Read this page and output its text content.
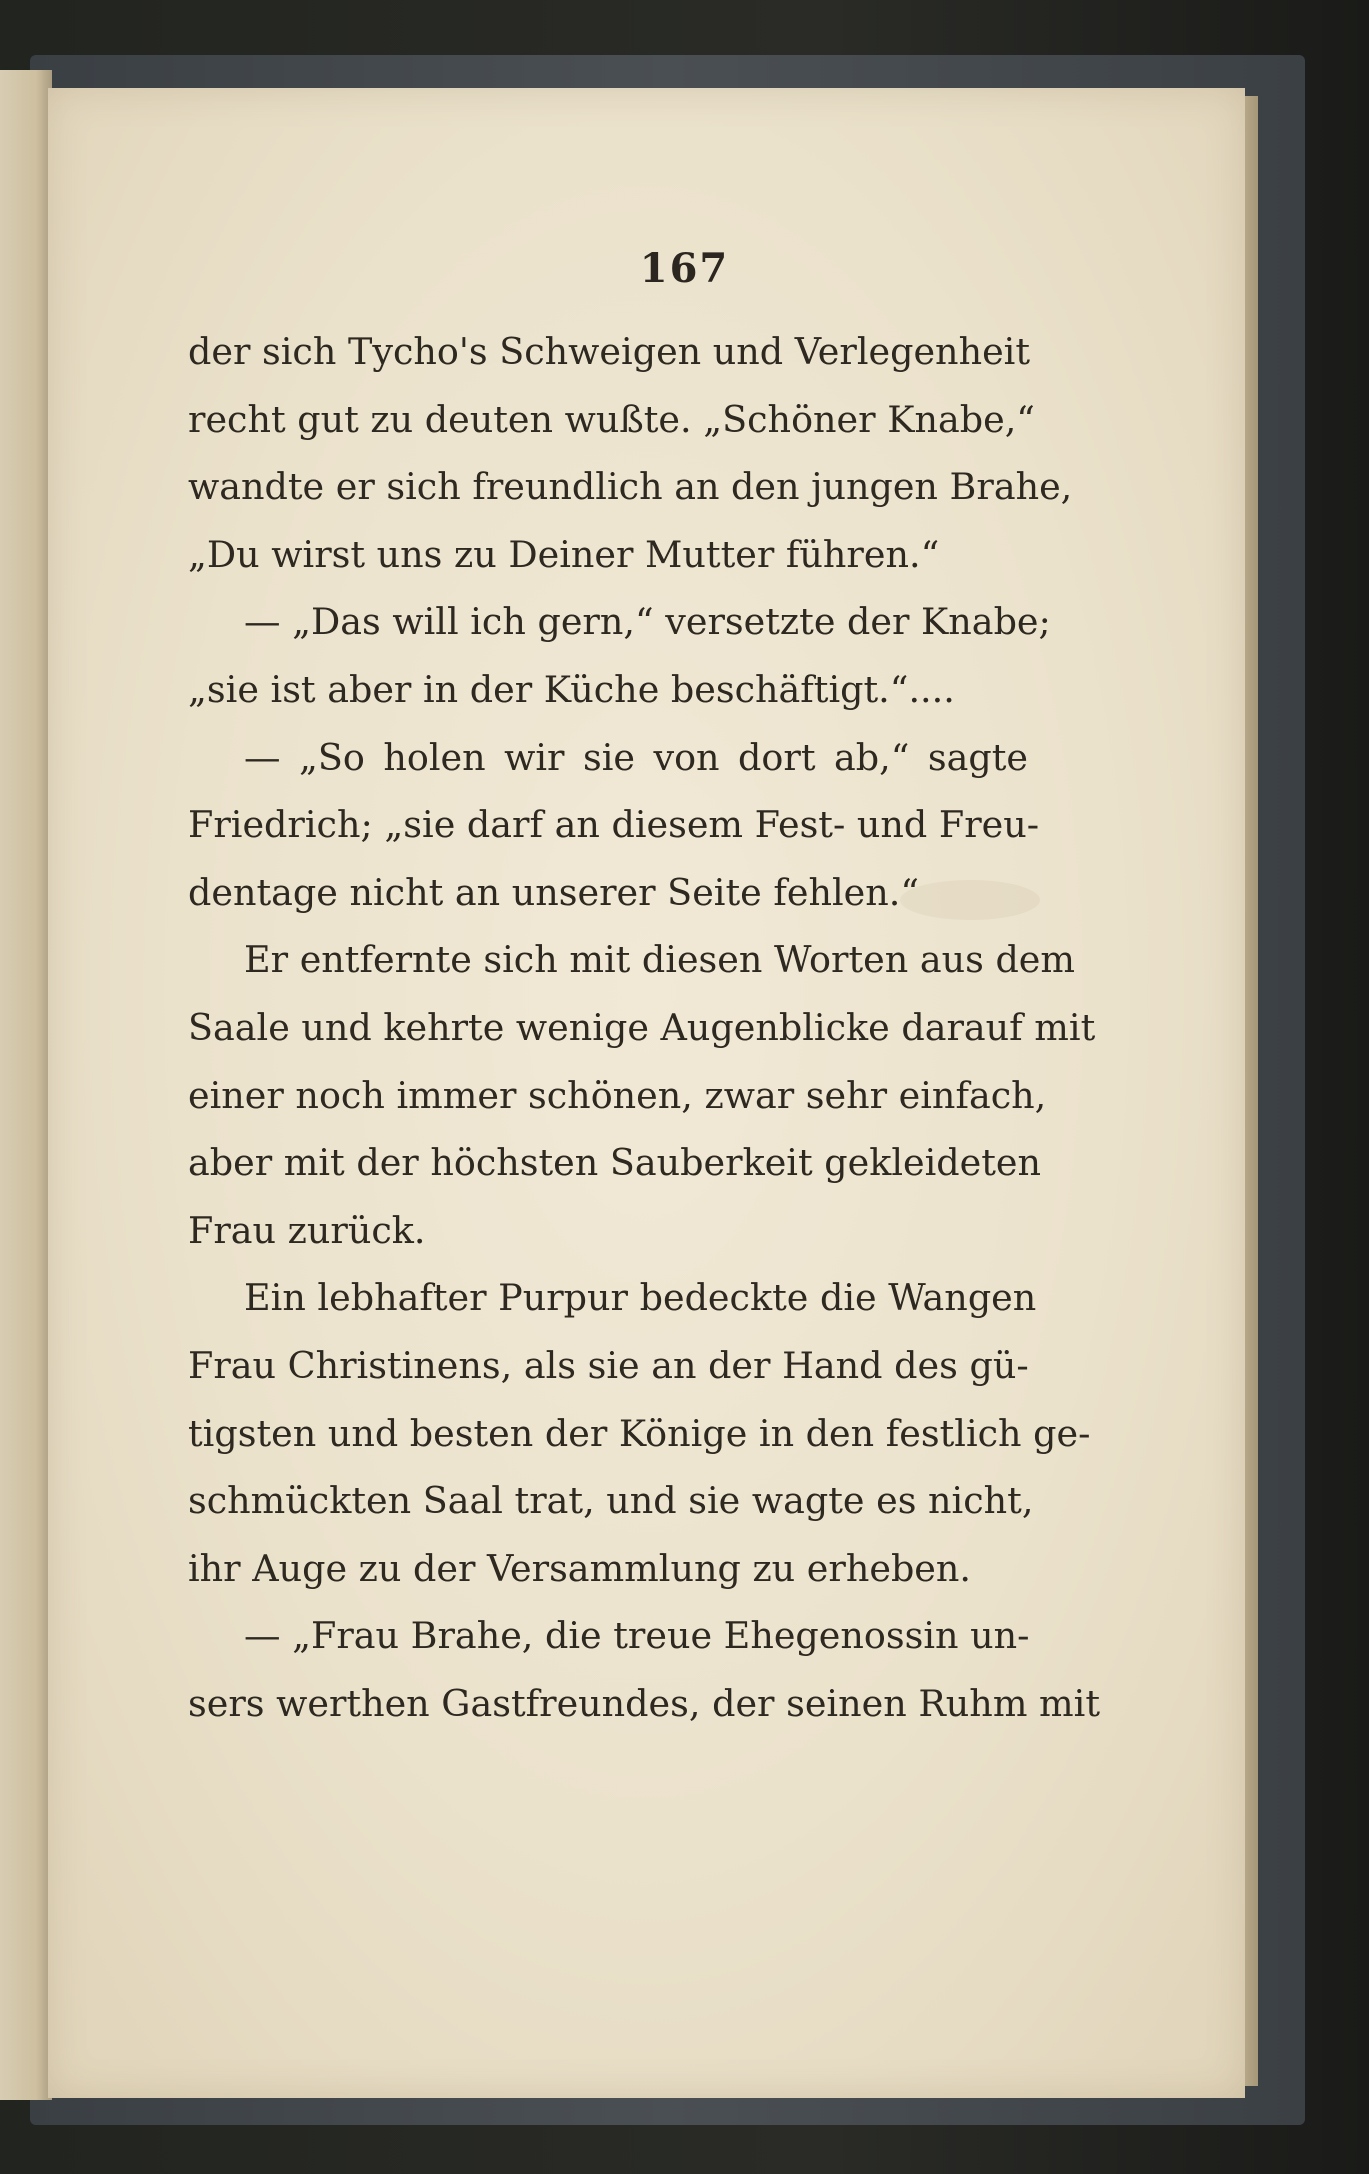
167
der sich Tycho's Schweigen und Verlegenheit
recht gut zu deuten wußte. „Schöner Knabe,“
wandte er sich freundlich an den jungen Brahe,
„Du wirst uns zu Deiner Mutter führen.“
— „Das will ich gern,“ versetzte der Knabe;
„sie ist aber in der Küche beschäftigt.“....
— „So holen wir sie von dort ab,“ sagte
Friedrich; „sie darf an diesem Fest- und Freu-
dentage nicht an unserer Seite fehlen.“
Er entfernte sich mit diesen Worten aus dem
Saale und kehrte wenige Augenblicke darauf mit
einer noch immer schönen, zwar sehr einfach,
aber mit der höchsten Sauberkeit gekleideten
Frau zurück.
Ein lebhafter Purpur bedeckte die Wangen
Frau Christinens, als sie an der Hand des gü-
tigsten und besten der Könige in den festlich ge-
schmückten Saal trat, und sie wagte es nicht,
ihr Auge zu der Versammlung zu erheben.
— „Frau Brahe, die treue Ehegenossin un-
sers werthen Gastfreundes, der seinen Ruhm mit
